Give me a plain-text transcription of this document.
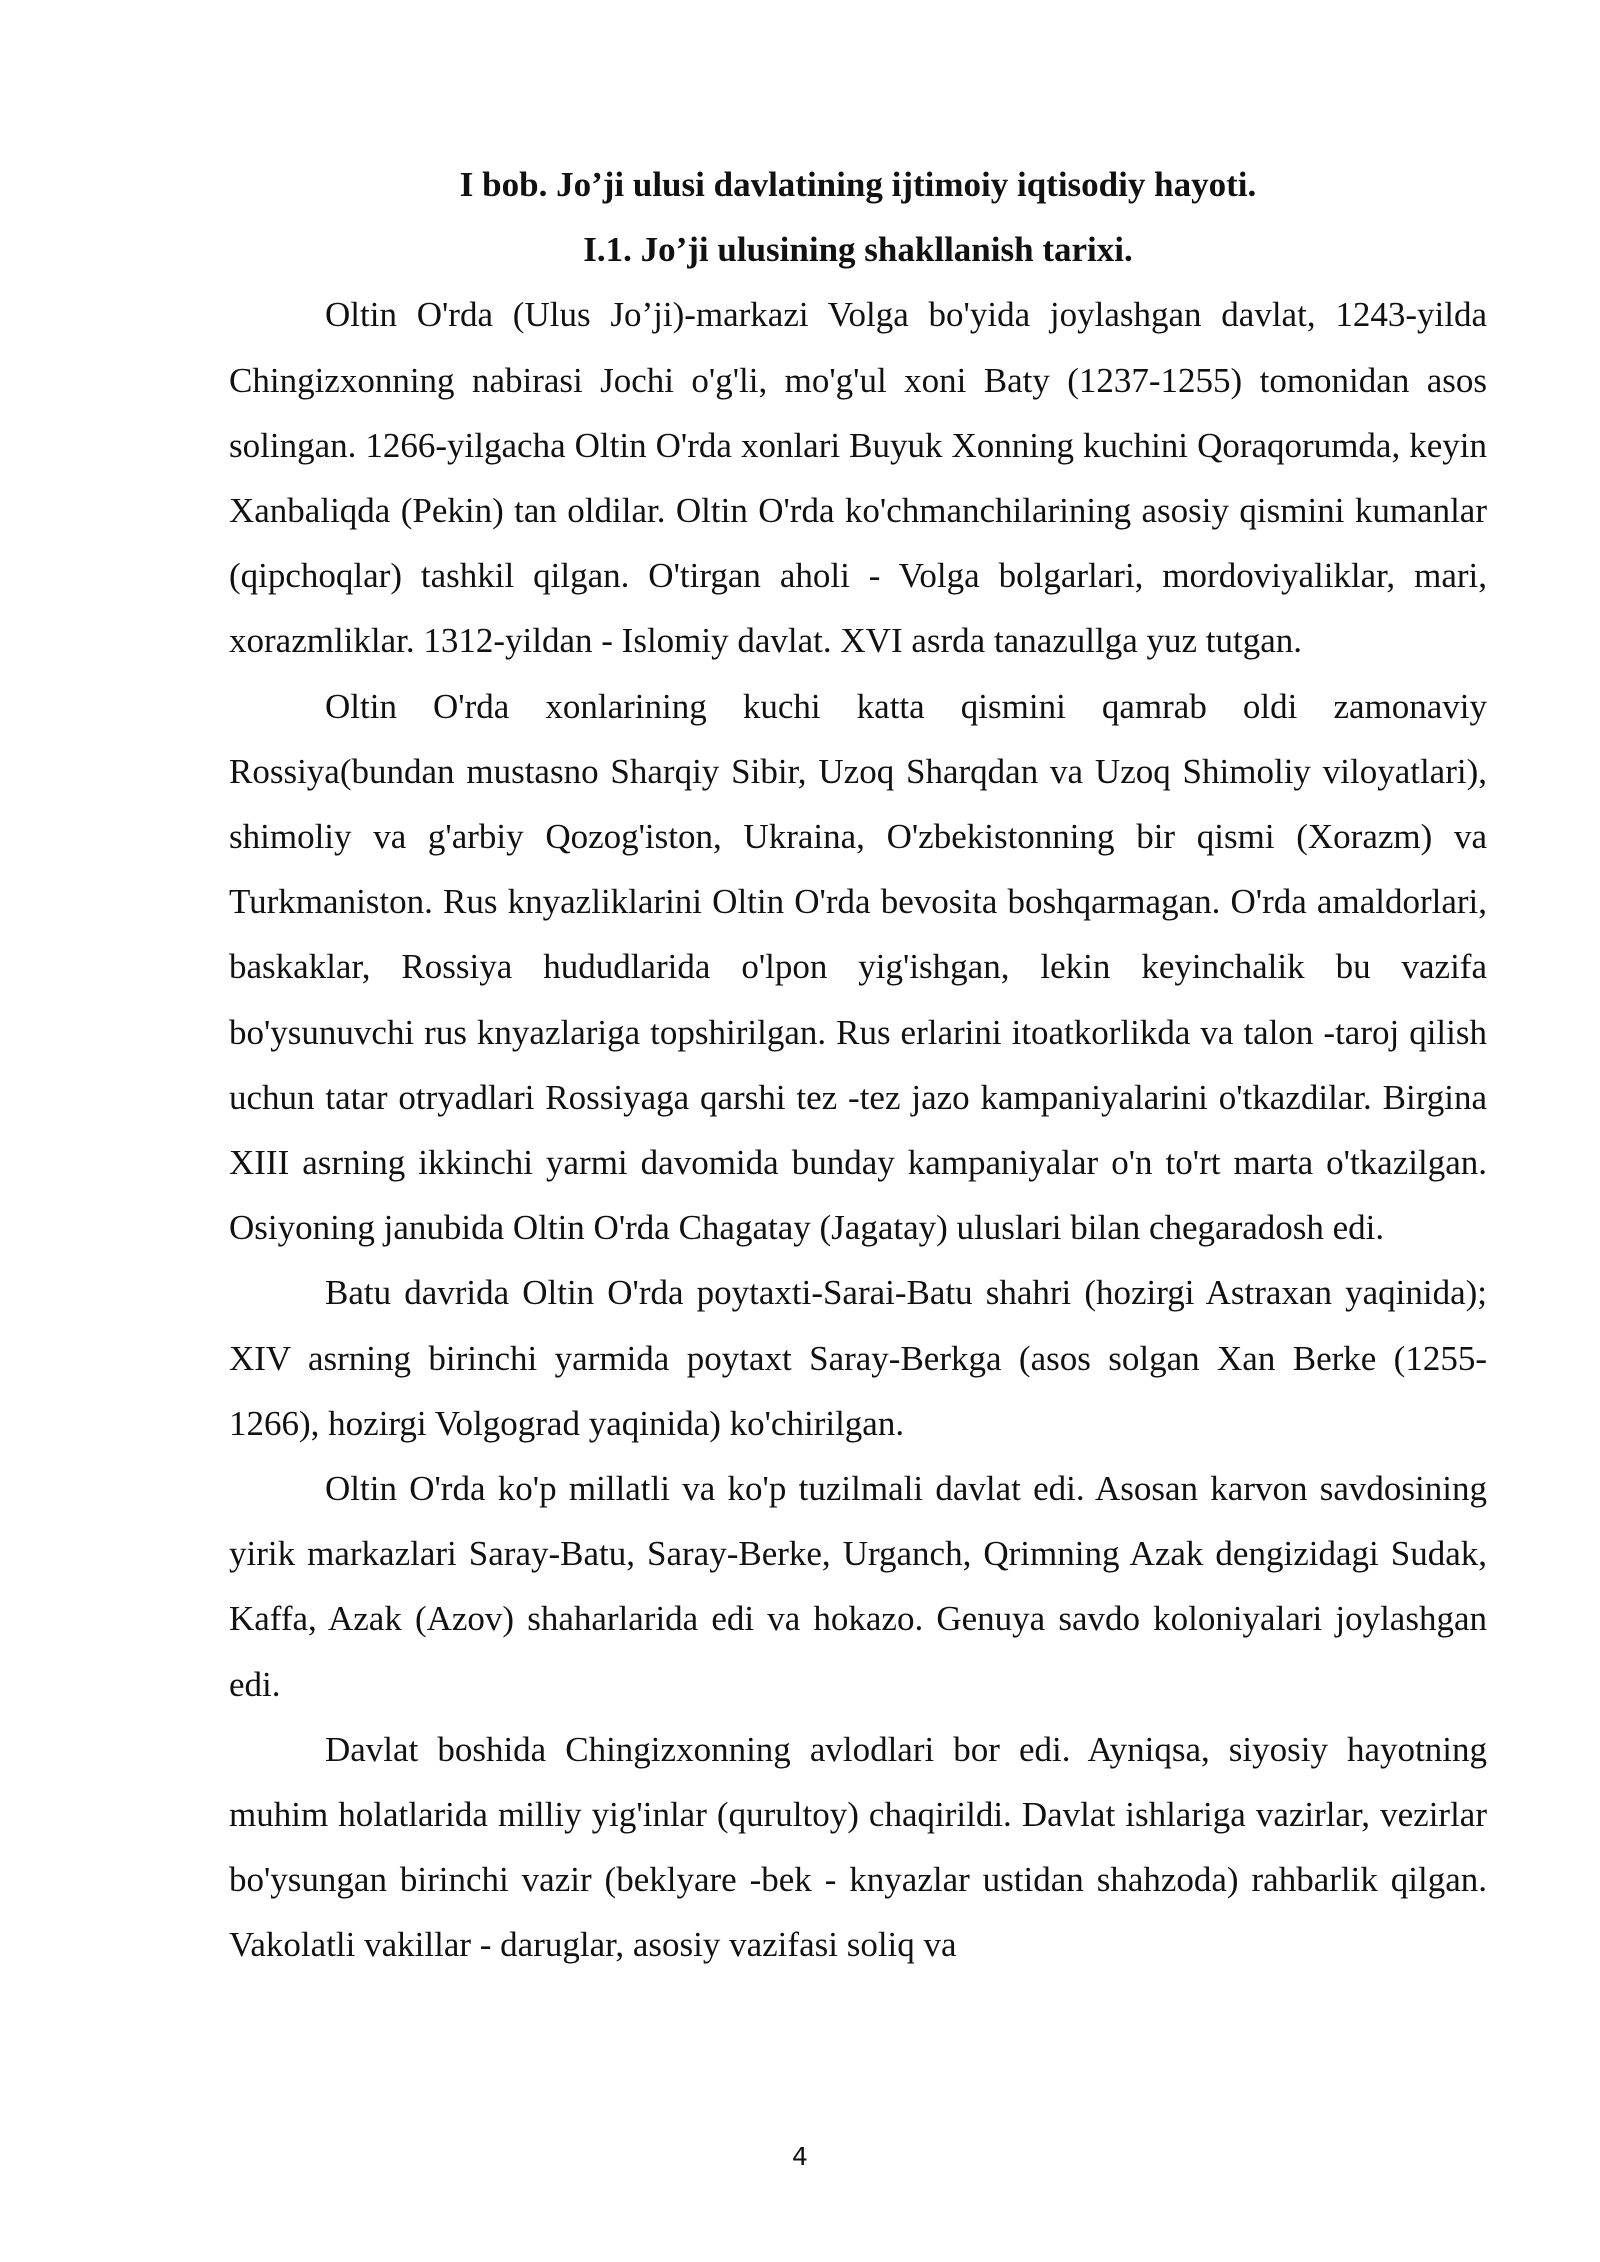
I bob. Jo’ji ulusi davlatining ijtimoiy iqtisodiy hayoti.

I.1. Jo’ji ulusining shakllanish tarixi.

Oltin O'rda (Ulus Jo’ji)-markazi Volga bo'yida joylashgan davlat, 1243-yilda Chingizxonning nabirasi Jochi o'g'li, mo'g'ul xoni Baty (1237-1255) tomonidan asos solingan. 1266-yilgacha Oltin O'rda xonlari Buyuk Xonning kuchini Qoraqorumda, keyin Xanbaliqda (Pekin) tan oldilar. Oltin O'rda ko'chmanchilarining asosiy qismini kumanlar (qipchoqlar) tashkil qilgan. O'tirgan aholi - Volga bolgarlari, mordoviyaliklar, mari, xorazmliklar. 1312-yildan - Islomiy davlat. XVI asrda tanazullga yuz tutgan.

Oltin O'rda xonlarining kuchi katta qismini qamrab oldi zamonaviy Rossiya(bundan mustasno Sharqiy Sibir, Uzoq Sharqdan va Uzoq Shimoliy viloyatlari), shimoliy va g'arbiy Qozog'iston, Ukraina, O'zbekistonning bir qismi (Xorazm) va Turkmaniston. Rus knyazliklarini Oltin O'rda bevosita boshqarmagan. O'rda amaldorlari, baskaklar, Rossiya hududlarida o'lpon yig'ishgan, lekin keyinchalik bu vazifa bo'ysunuvchi rus knyazlariga topshirilgan. Rus erlarini itoatkorlikda va talon -taroj qilish uchun tatar otryadlari Rossiyaga qarshi tez -tez jazo kampaniyalarini o'tkazdilar. Birgina XIII asrning ikkinchi yarmi davomida bunday kampaniyalar o'n to'rt marta o'tkazilgan. Osiyoning janubida Oltin O'rda Chagatay (Jagatay) uluslari bilan chegaradosh edi.

Batu davrida Oltin O'rda poytaxti-Sarai-Batu shahri (hozirgi Astraxan yaqinida); XIV asrning birinchi yarmida poytaxt Saray-Berkga (asos solgan Xan Berke (1255-1266), hozirgi Volgograd yaqinida) ko'chirilgan.

Oltin O'rda ko'p millatli va ko'p tuzilmali davlat edi. Asosan karvon savdosining yirik markazlari Saray-Batu, Saray-Berke, Urganch, Qrimning Azak dengizidagi Sudak, Kaffa, Azak (Azov) shaharlarida edi va hokazo. Genuya savdo koloniyalari joylashgan edi.

Davlat boshida Chingizxonning avlodlari bor edi. Ayniqsa, siyosiy hayotning muhim holatlarida milliy yig'inlar (qurultoy) chaqirildi. Davlat ishlariga vazirlar, vezirlar bo'ysungan birinchi vazir (beklyare -bek - knyazlar ustidan shahzoda) rahbarlik qilgan. Vakolatli vakillar - daruglar, asosiy vazifasi soliq va

4
